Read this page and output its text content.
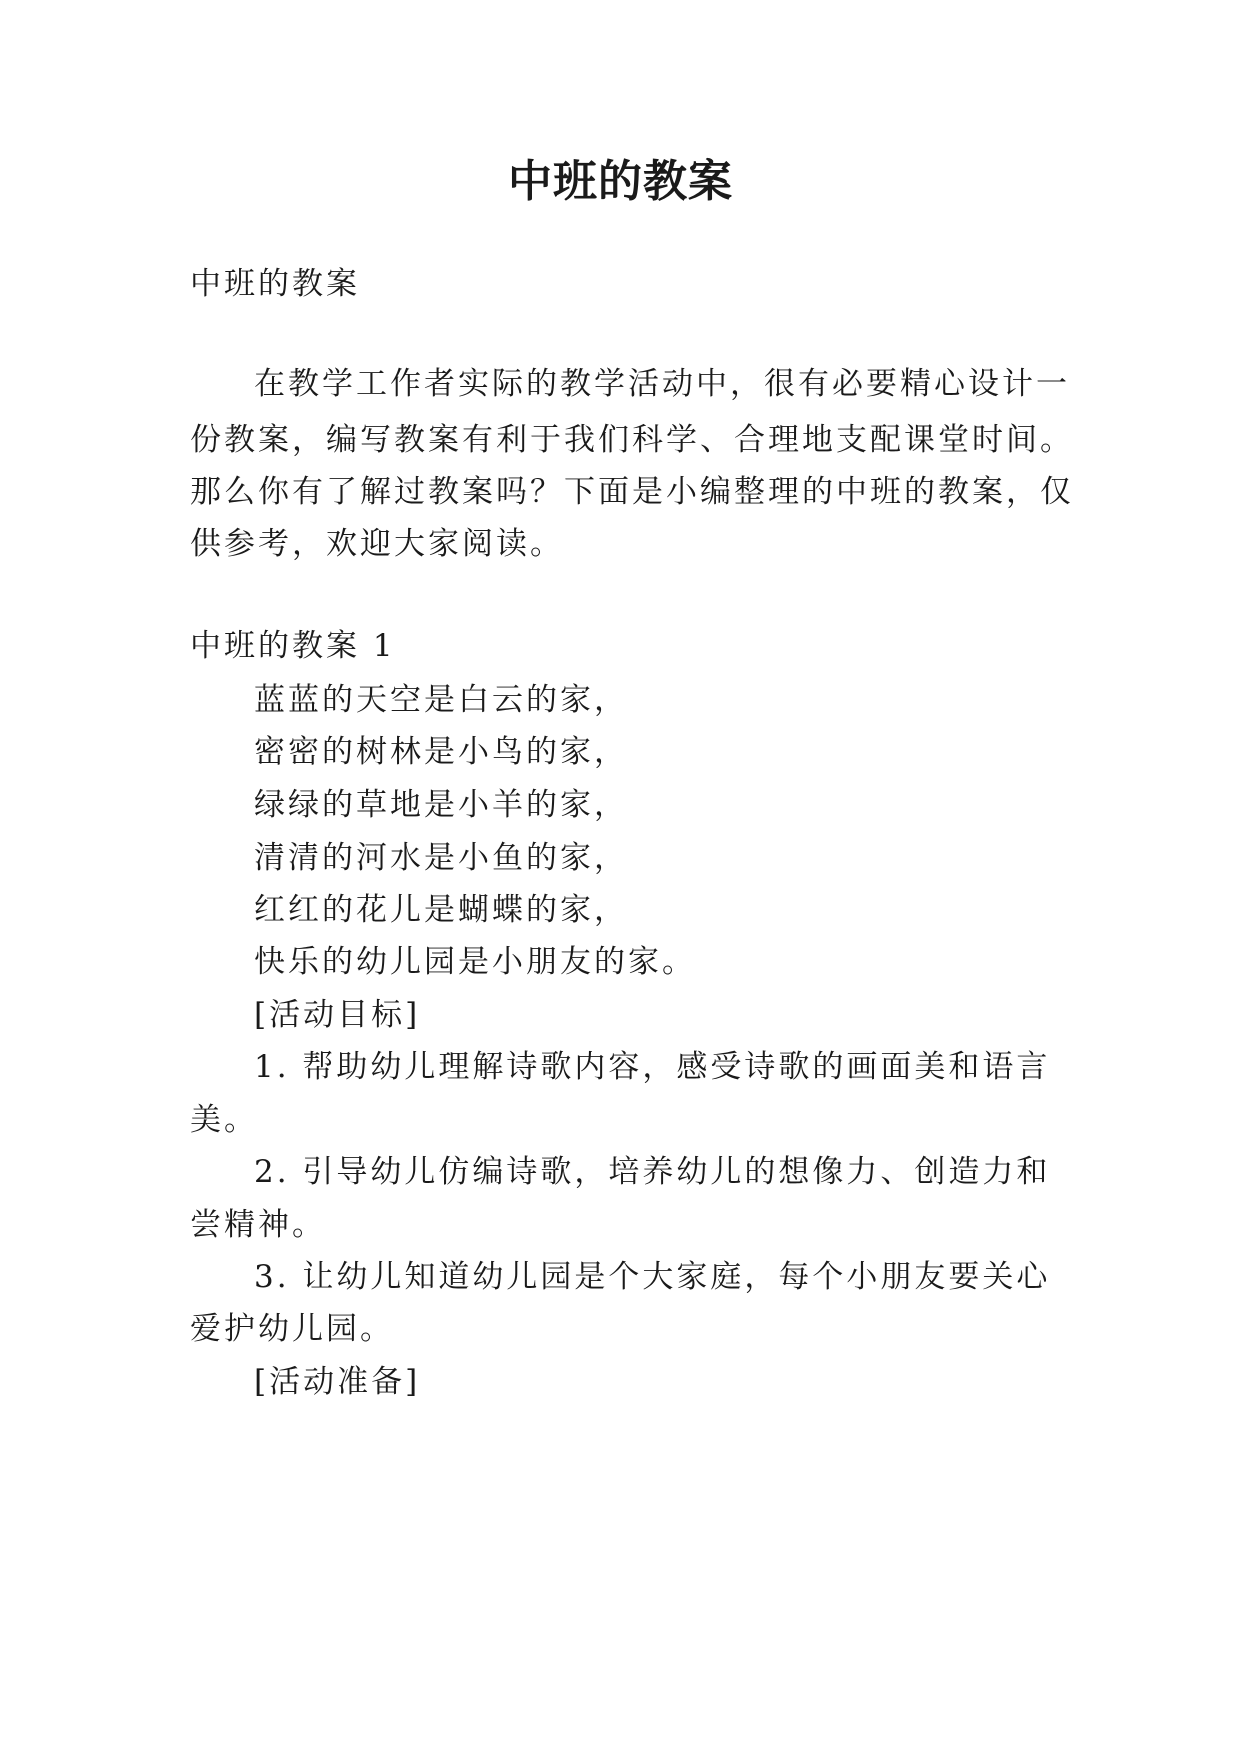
中班的教案

中班的教案

在教学工作者实际的教学活动中，很有必要精心设计一

份教案，编写教案有利于我们科学、合理地支配课堂时间。

那么你有了解过教案吗？下面是小编整理的中班的教案，仅

供参考，欢迎大家阅读。

中班的教案 1

蓝蓝的天空是白云的家，

密密的树林是小鸟的家，

绿绿的草地是小羊的家，

清清的河水是小鱼的家，

红红的花儿是蝴蝶的家，

快乐的幼儿园是小朋友的家。

[活动目标]

1. 帮助幼儿理解诗歌内容，感受诗歌的画面美和语言

美。

2. 引导幼儿仿编诗歌，培养幼儿的想像力、创造力和

尝精神。

3. 让幼儿知道幼儿园是个大家庭，每个小朋友要关心

爱护幼儿园。

[活动准备]
